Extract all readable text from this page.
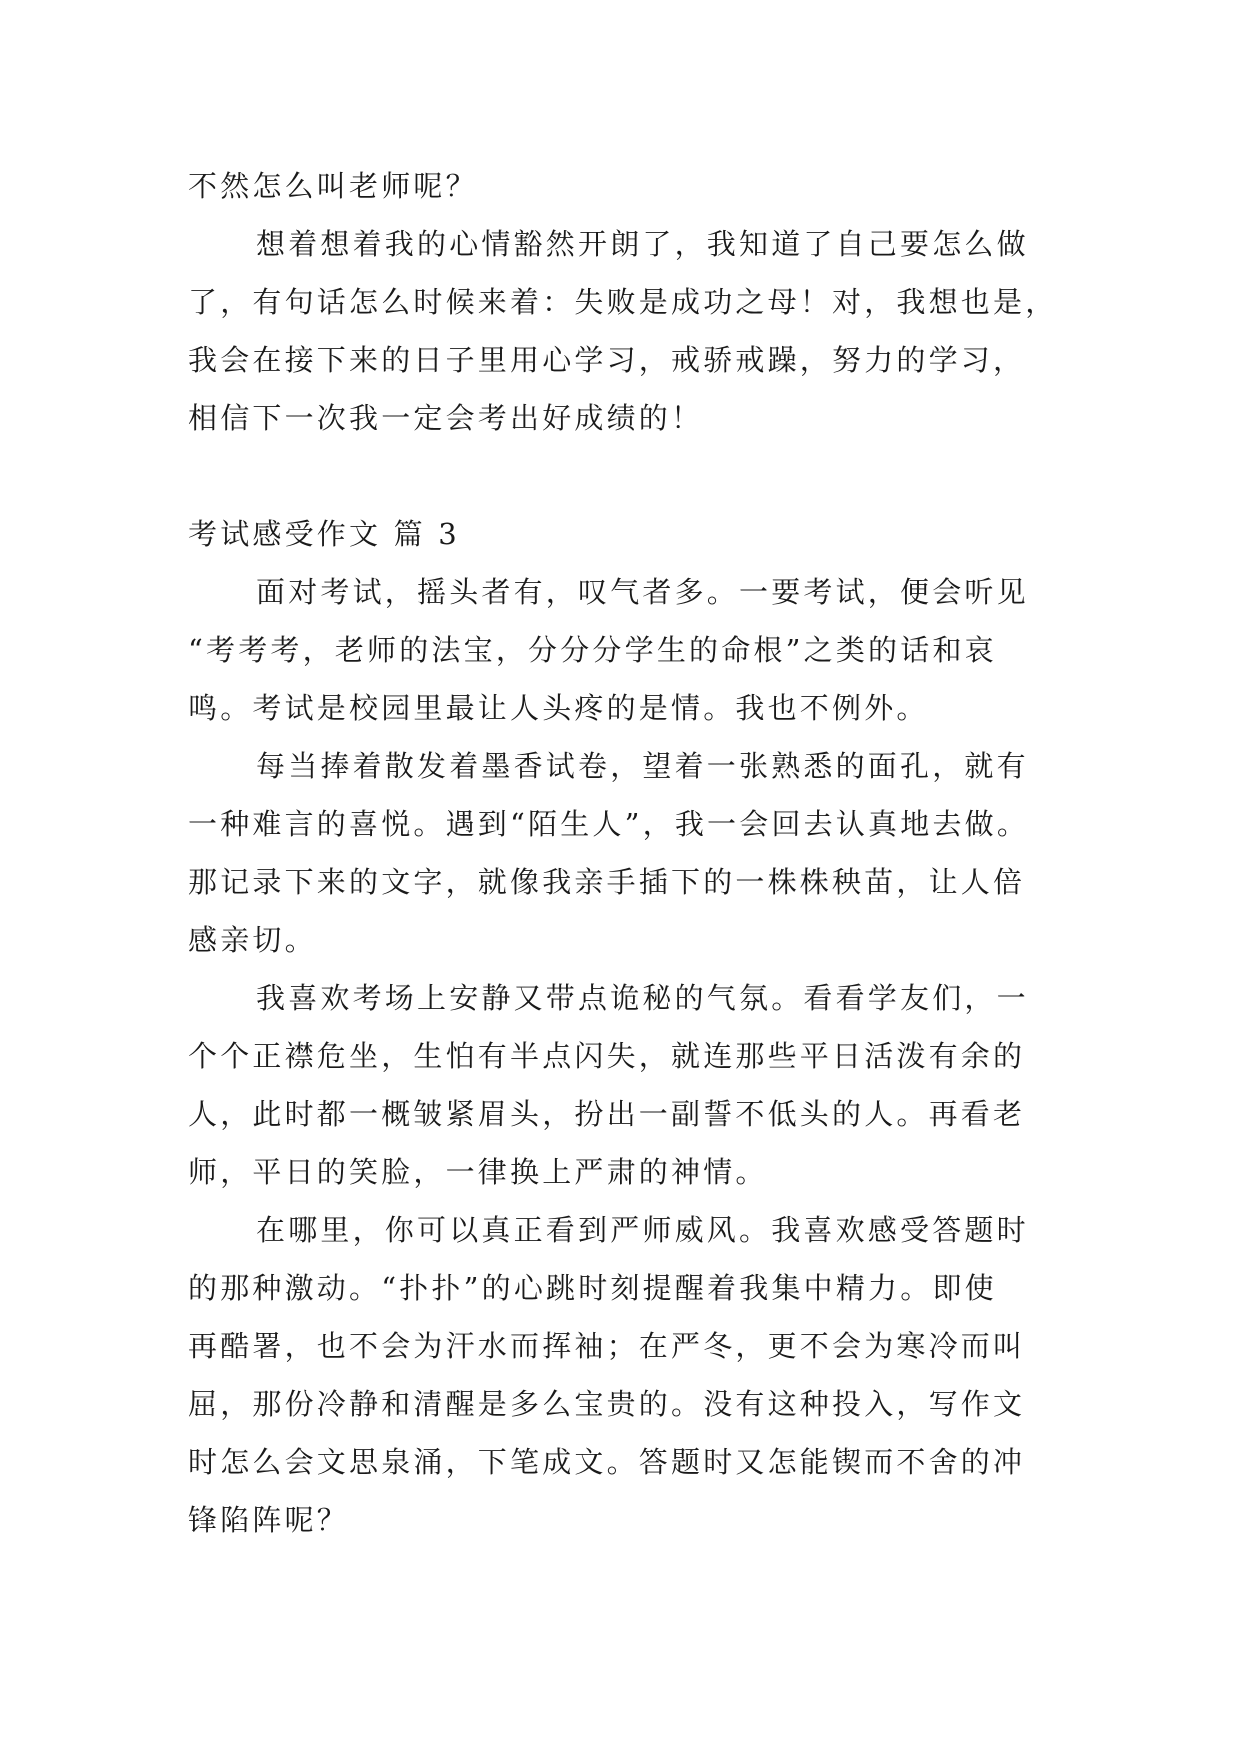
不然怎么叫老师呢？

想着想着我的心情豁然开朗了，我知道了自己要怎么做

了，有句话怎么时候来着：失败是成功之母！对，我想也是，

我会在接下来的日子里用心学习，戒骄戒躁，努力的学习，

相信下一次我一定会考出好成绩的！

考试感受作文 篇 3

面对考试，摇头者有，叹气者多。一要考试，便会听见

“考考考，老师的法宝，分分分学生的命根”之类的话和哀

鸣。考试是校园里最让人头疼的是情。我也不例外。

每当捧着散发着墨香试卷，望着一张熟悉的面孔，就有

一种难言的喜悦。遇到“陌生人”，我一会回去认真地去做。

那记录下来的文字，就像我亲手插下的一株株秧苗，让人倍

感亲切。

我喜欢考场上安静又带点诡秘的气氛。看看学友们，一

个个正襟危坐，生怕有半点闪失，就连那些平日活泼有余的

人，此时都一概皱紧眉头，扮出一副誓不低头的人。再看老

师，平日的笑脸，一律换上严肃的神情。

在哪里，你可以真正看到严师威风。我喜欢感受答题时

的那种激动。“扑扑”的心跳时刻提醒着我集中精力。即使

再酷署，也不会为汗水而挥袖；在严冬，更不会为寒冷而叫

屈，那份冷静和清醒是多么宝贵的。没有这种投入，写作文

时怎么会文思泉涌，下笔成文。答题时又怎能锲而不舍的冲

锋陷阵呢？
